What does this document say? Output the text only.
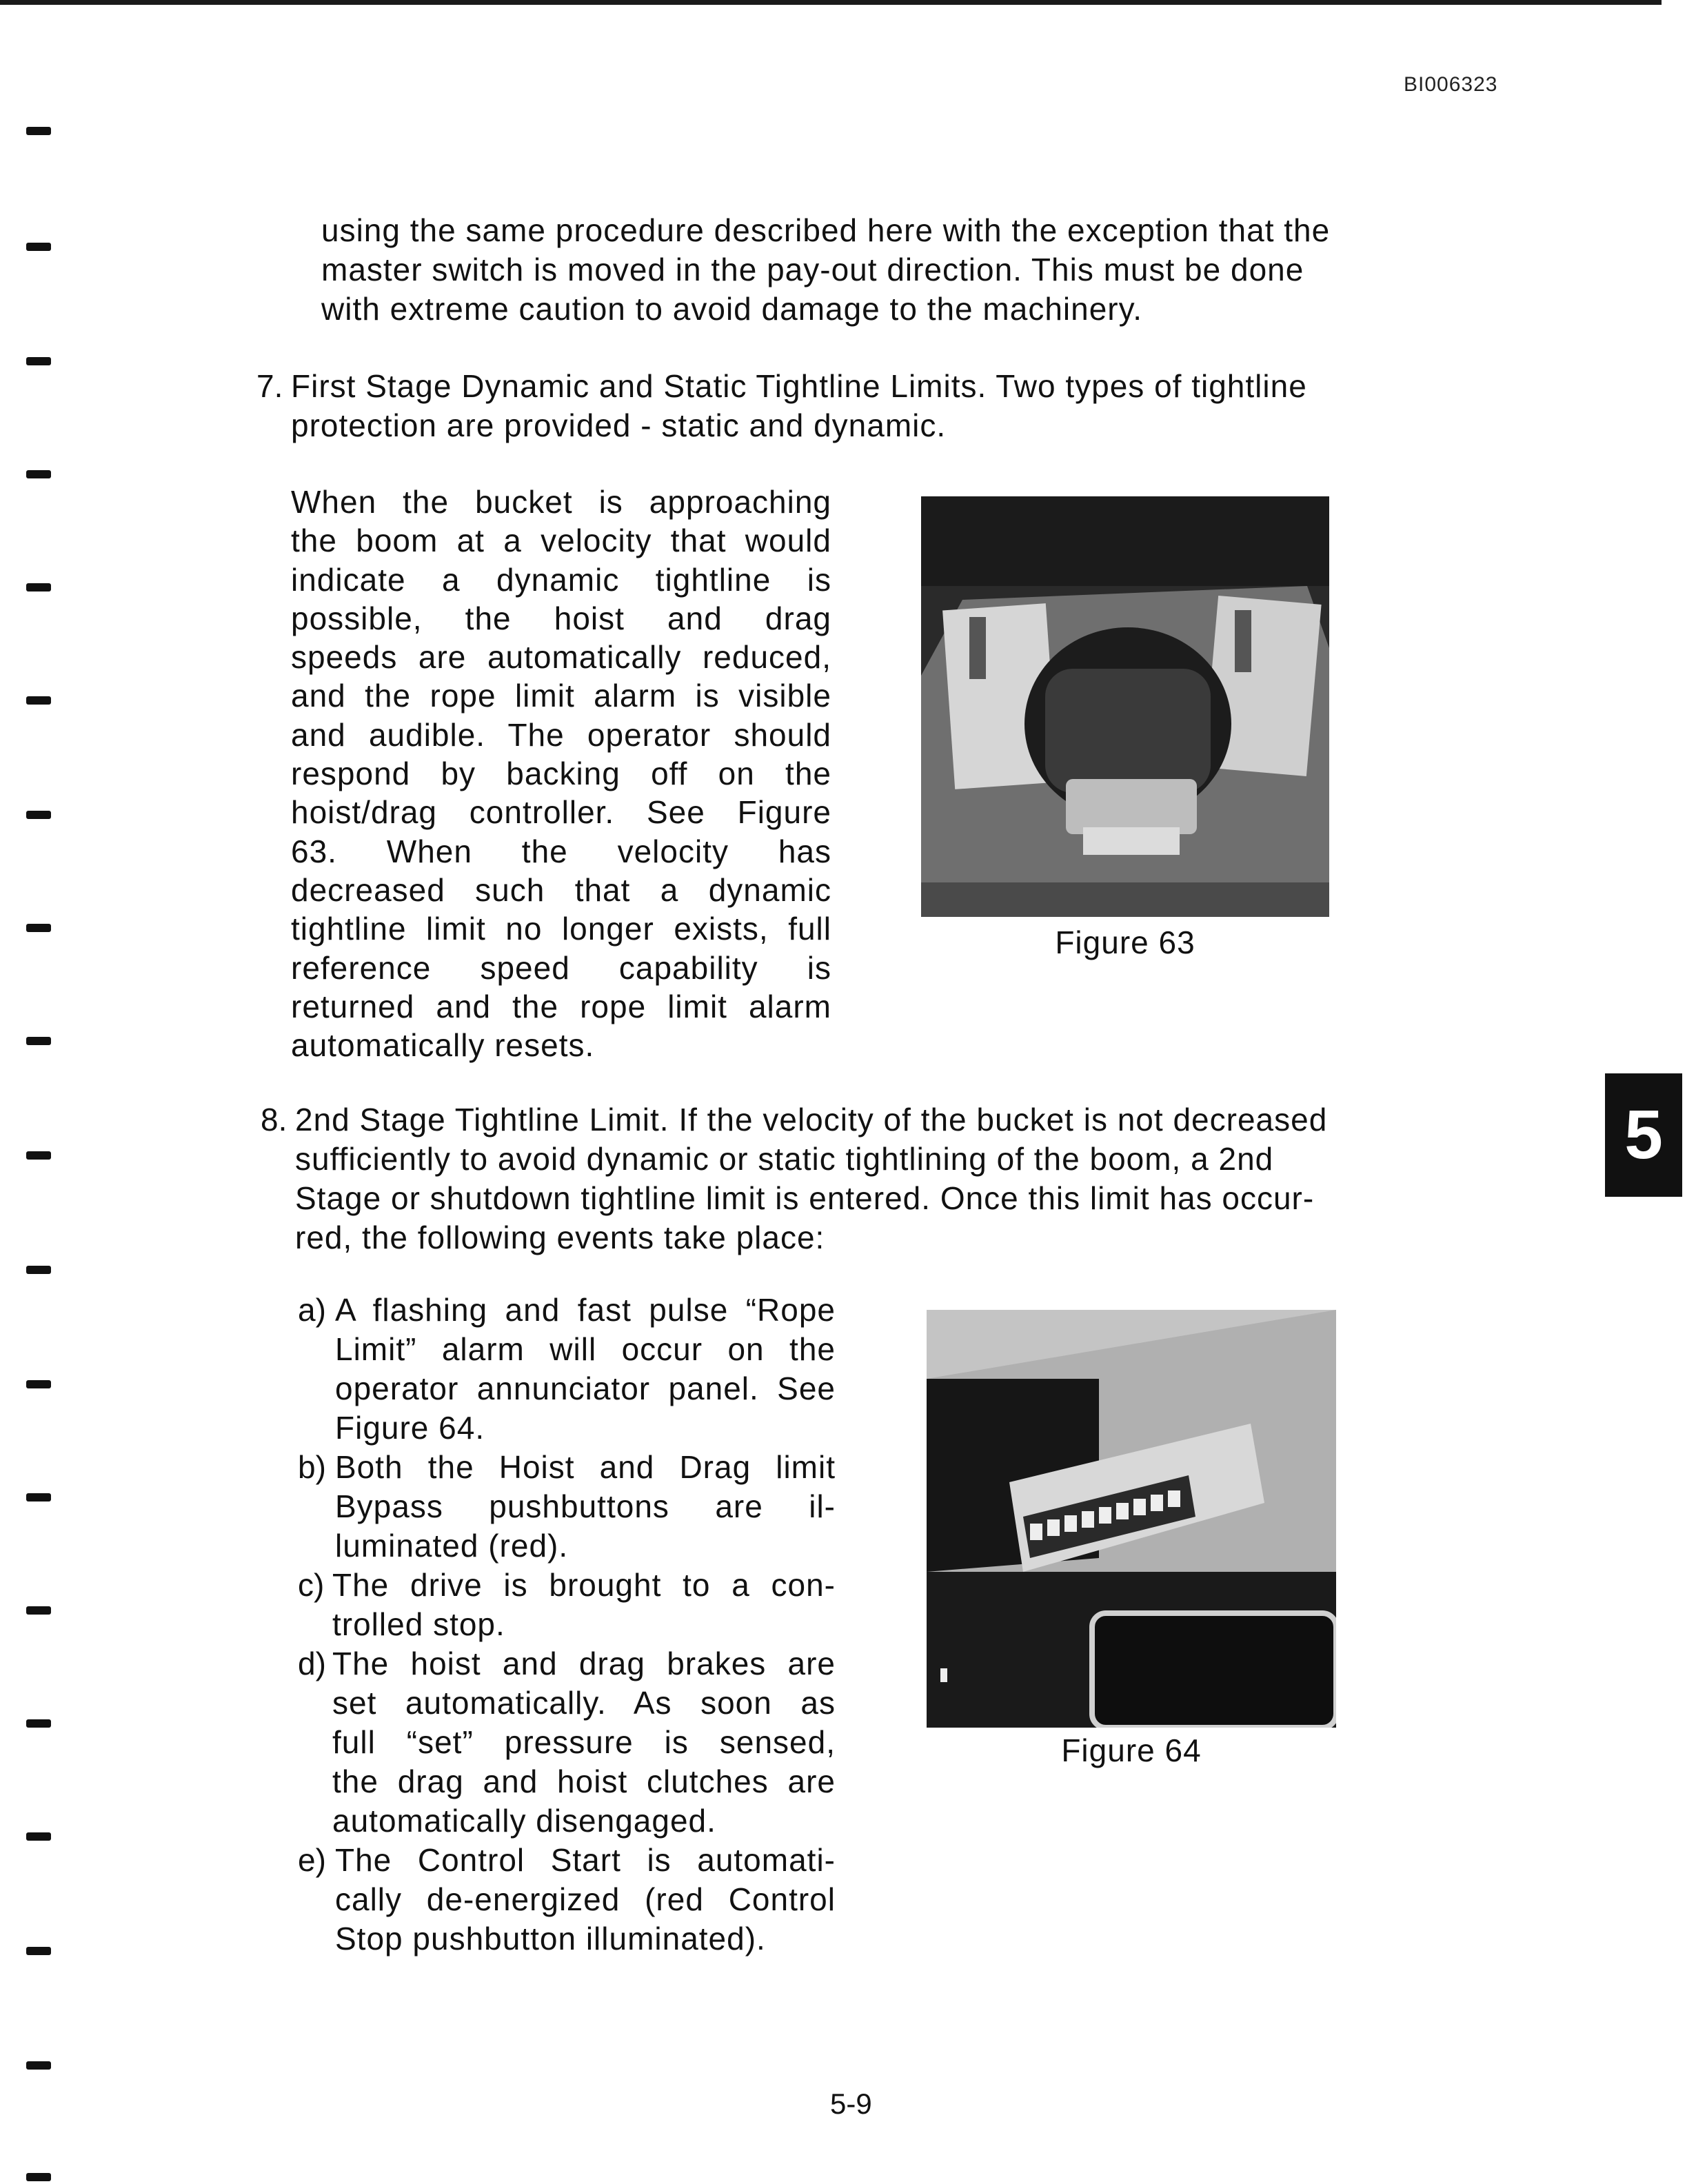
BI006323
using the same procedure described here with the exception that the
master switch is moved in the pay-out direction. This must be done
with extreme caution to avoid damage to the machinery.
7. First Stage Dynamic and Static Tightline Limits. Two types of tightline
protection are provided - static and dynamic.
When the bucket is approaching
the boom at a velocity that would
indicate a dynamic tightline is
possible, the hoist and drag
speeds are automatically reduced,
and the rope limit alarm is visible
and audible. The operator should
respond by backing off on the
hoist/drag controller. See Figure
63. When the velocity has
decreased such that a dynamic
tightline limit no longer exists, full
reference speed capability is
returned and the rope limit alarm
automatically resets.
Figure 63
8. 2nd Stage Tightline Limit. If the velocity of the bucket is not decreased
sufficiently to avoid dynamic or static tightlining of the boom, a 2nd
Stage or shutdown tightline limit is entered. Once this limit has occur-
red, the following events take place:
a) A flashing and fast pulse “Rope
Limit” alarm will occur on the
operator annunciator panel. See
Figure 64.
b) Both the Hoist and Drag limit
Bypass pushbuttons are il-
luminated (red).
c) The drive is brought to a con-
trolled stop.
d) The hoist and drag brakes are
set automatically. As soon as
full “set” pressure is sensed,
the drag and hoist clutches are
automatically disengaged.
e) The Control Start is automati-
cally de-energized (red Control
Stop pushbutton illuminated).
Figure 64
5
5-9
